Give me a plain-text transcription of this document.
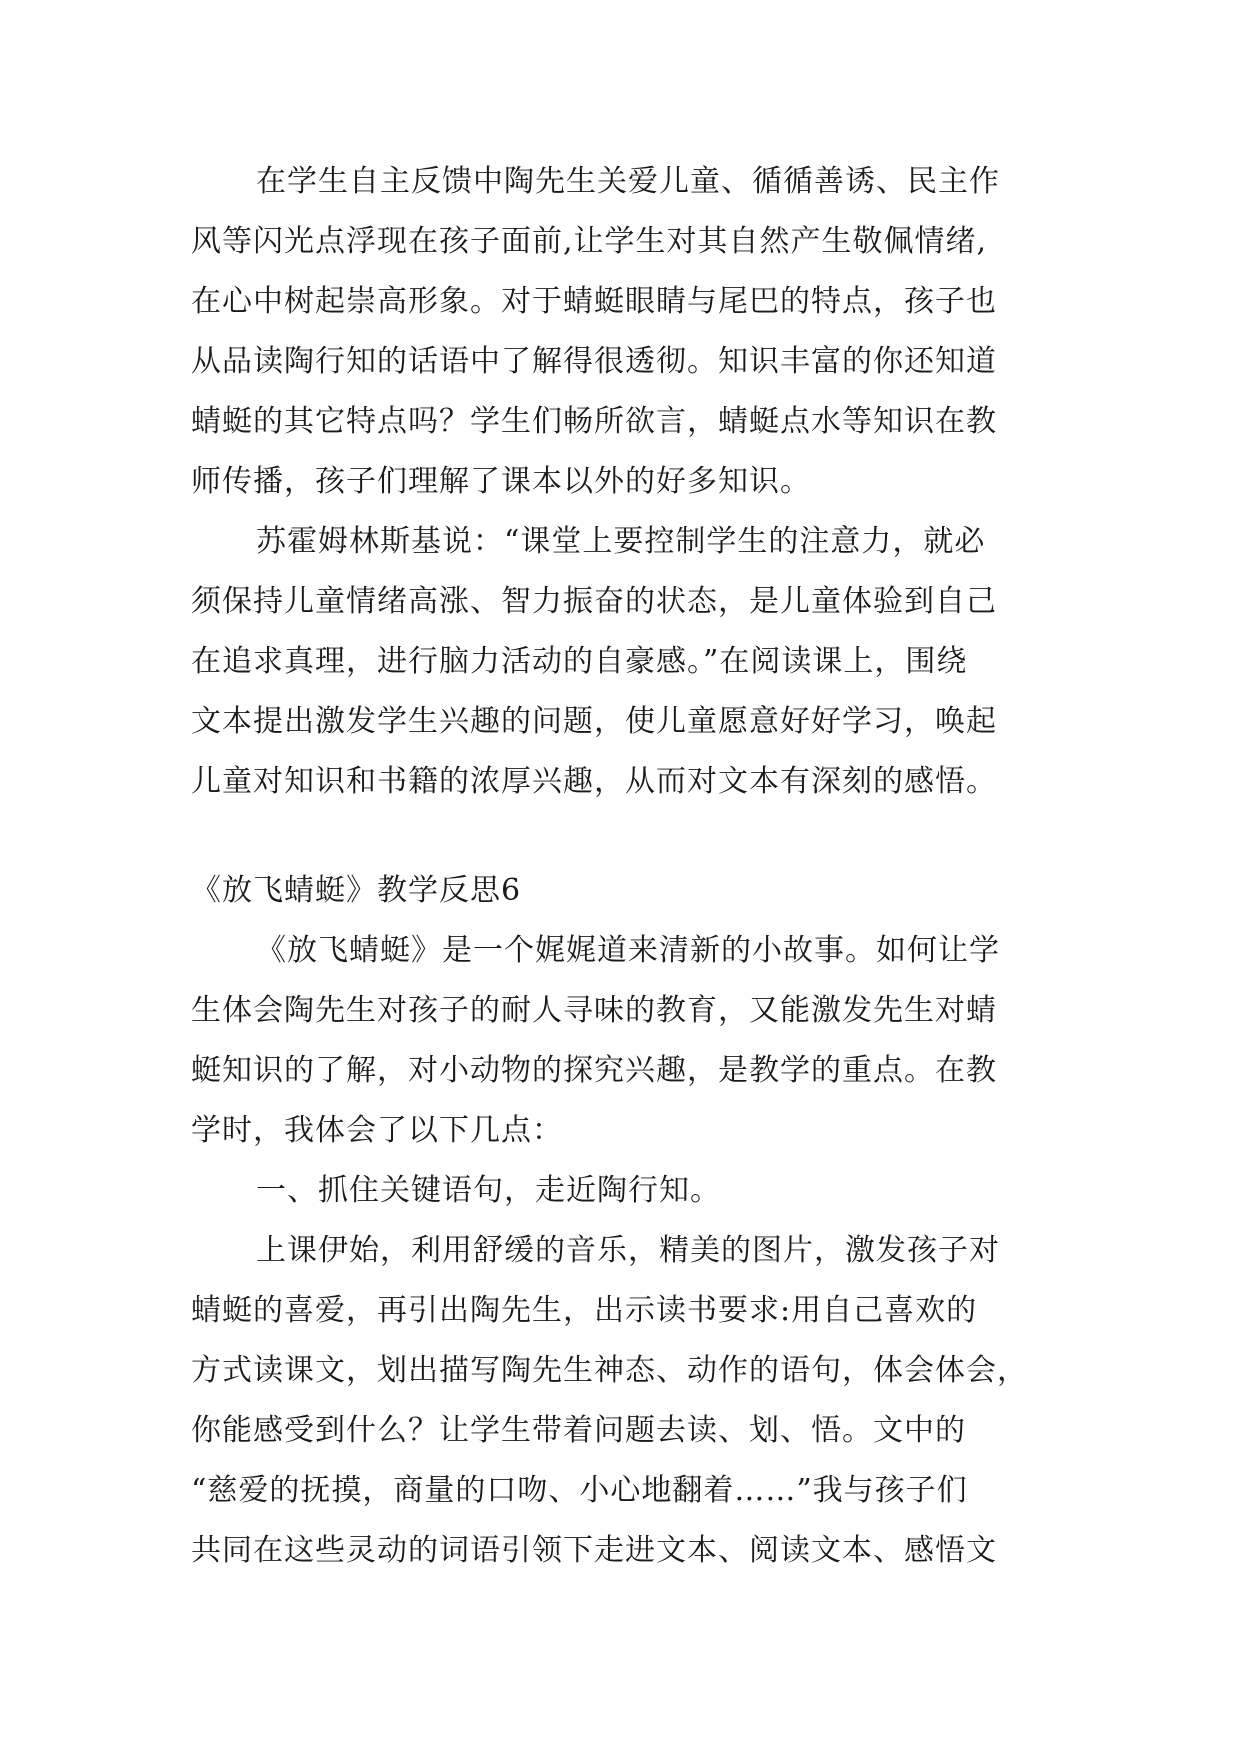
在学生自主反馈中陶先生关爱儿童、循循善诱、民主作
风等闪光点浮现在孩子面前,让学生对其自然产生敬佩情绪,
在心中树起崇高形象。对于蜻蜓眼睛与尾巴的特点，孩子也
从品读陶行知的话语中了解得很透彻。知识丰富的你还知道
蜻蜓的其它特点吗？学生们畅所欲言，蜻蜓点水等知识在教
师传播，孩子们理解了课本以外的好多知识。
苏霍姆林斯基说：“课堂上要控制学生的注意力，就必
须保持儿童情绪高涨、智力振奋的状态，是儿童体验到自己
在追求真理，进行脑力活动的自豪感。”在阅读课上，围绕
文本提出激发学生兴趣的问题，使儿童愿意好好学习，唤起
儿童对知识和书籍的浓厚兴趣，从而对文本有深刻的感悟。
《放飞蜻蜓》教学反思6
《放飞蜻蜓》是一个娓娓道来清新的小故事。如何让学
生体会陶先生对孩子的耐人寻味的教育，又能激发先生对蜻
蜓知识的了解，对小动物的探究兴趣，是教学的重点。在教
学时，我体会了以下几点：
一、抓住关键语句，走近陶行知。
上课伊始，利用舒缓的音乐，精美的图片，激发孩子对
蜻蜓的喜爱，再引出陶先生，出示读书要求:用自己喜欢的
方式读课文，划出描写陶先生神态、动作的语句，体会体会，
你能感受到什么？让学生带着问题去读、划、悟。文中的
“慈爱的抚摸，商量的口吻、小心地翻着……”我与孩子们
共同在这些灵动的词语引领下走进文本、阅读文本、感悟文
